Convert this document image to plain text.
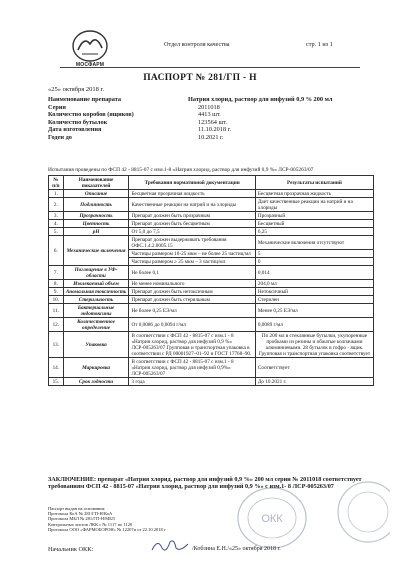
МОСФАРМ
Отдел контроля качества	стр. 1 из 1
ПАСПОРТ № 281/ГП - Н
«25» октября 2018 г.
Наименование препарата	Натрия хлорид, раствор для инфузий 0,9 % 200 мл
Серия	2011018
Количество коробов (ящиков)	4413 шт.
Количество бутылок	123564 шт.
Дата изготовления	11.10.2018 г.
Годен до	10.2021 г.
Испытания проведены по ФСП 42 - 8815-07 с изм.1-8 «Натрия хлорид, раствор для инфузий 0,9 %» ЛСР-005263/07
№ п/п	Наименование показателей	Требования нормативной документации	Результаты испытаний
1.	Описание	Бесцветная прозрачная жидкость	Бесцветная прозрачная жидкость
2.	Подлинность	Качественные реакции на натрий и на хлориды	Дает качественные реакции на натрий и на хлориды
3.	Прозрачность	Препарат должен быть прозрачным	Прозрачный
4.	Цветность	Препарат должен быть бесцветным	Бесцветный
5.	pH	От 5,0 до 7,5	6,25
6.	Механические включения	Препарат должен выдерживать требования ОФС.1.4.2.0005.15	Механические включения отсутствуют
		Частицы размером 10-25 мкм – не более 25 частиц/мл	5
		Частицы размером ≥ 25 мкм – 3 частиц/мл	0
7.	Поглощение в УФ-области	Не более 0,1	0,014
8.	Извлекаемый объем	Не менее номинального	204,0 мл
9.	Аномальная токсичность	Препарат должен быть нетоксичным	Нетоксичный
10.	Стерильность	Препарат должен быть стерильным	Стерилен
11.	Бактериальные эндотоксины	Не более 0,25 ЕЭ/мл	Менее 0,25 ЕЭ/мл
12.	Количественное определение	От 0,0086 до 0,0094 г/мл	0,0089 г/мл
13.	Упаковка	В соответствии с ФСП 42 - 8815-07 с изм.1 - 8 «Натрия хлорид, раствор для инфузий 0,9 %» ЛСР-005263/07 Групповая и транспортная упаковка в соответствии с РД 00001927–01–92 и ГОСТ 17768–90.	По 200 мл в стеклянные бутылки, укупоренные пробками из резины и обжатые колпачками алюминиевыми. 28 бутылок в гофро - ящик. Групповая и транспортная упаковка соответствует
14.	Маркировка	В соответствии с ФСП 42 - 8815-07 с изм.1 - 8 «Натрия хлорид, раствор для инфузий 0,9%» ЛСР-005263/07	Соответствует
15.	Срок годности	3 года	До 10.2021 г.
ОКК
ЗАКЛЮЧЕНИЕ: препарат «Натрия хлорид, раствор для инфузий 0,9 %» 200 мл серии № 2011018 соответствует требованиям ФСП 42 - 8815-07 «Натрия хлорид, раствор для инфузий 0,9 %» с изм.1- 8 ЛСР-005263/07
Паспорт выдан на основании:
Протокола КоА № 281/ГП-Н/КоА
Протокола МБЛ № 281/ГП-Н/МБЛ
Контрольных листов ЛКК с № 1117 по 1120
Протокола ООО «ФАРМОБОРОН» № 12207и от 22.10.2018 г
Начальник ОКК:	/Кобзина Е.Н./«25» октября 2018 г.
